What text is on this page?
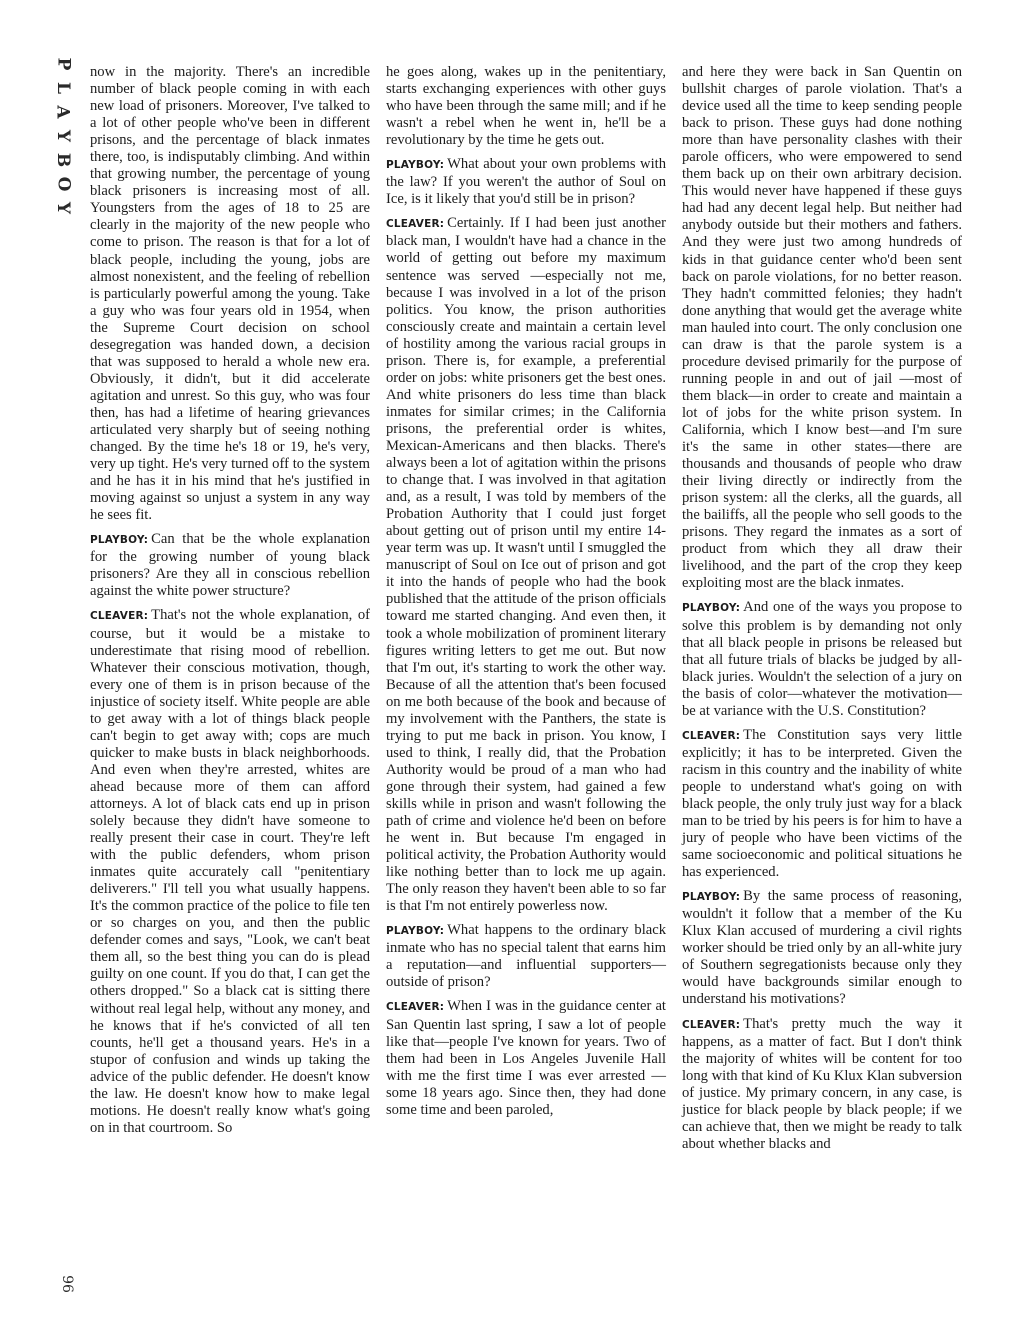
P
L
A
Y
B
O
Y

now in the majority. There's an incredible number of black people coming in with each new load of prisoners. Moreover, I've talked to a lot of other people who've been in different prisons, and the percentage of black inmates there, too, is indisputably climbing. And within that growing number, the percentage of young black prisoners is increasing most of all. Youngsters from the ages of 18 to 25 are clearly in the majority of the new people who come to prison. The reason is that for a lot of black people, including the young, jobs are almost nonexistent, and the feeling of rebellion is particularly powerful among the young. Take a guy who was four years old in 1954, when the Supreme Court decision on school desegregation was handed down, a decision that was supposed to herald a whole new era. Obviously, it didn't, but it did accelerate agitation and unrest. So this guy, who was four then, has had a lifetime of hearing grievances articulated very sharply but of seeing nothing changed. By the time he's 18 or 19, he's very, very up tight. He's very turned off to the system and he has it in his mind that he's justified in moving against so unjust a system in any way he sees fit.

PLAYBOY: Can that be the whole explanation for the growing number of young black prisoners? Are they all in conscious rebellion against the white power structure?

CLEAVER: That's not the whole explanation, of course, but it would be a mistake to underestimate that rising mood of rebellion. Whatever their conscious motivation, though, every one of them is in prison because of the injustice of society itself. White people are able to get away with a lot of things black people can't begin to get away with; cops are much quicker to make busts in black neighborhoods. And even when they're arrested, whites are ahead because more of them can afford attorneys. A lot of black cats end up in prison solely because they didn't have someone to really present their case in court. They're left with the public defenders, whom prison inmates quite accurately call "penitentiary deliverers." I'll tell you what usually happens. It's the common practice of the police to file ten or so charges on you, and then the public defender comes and says, "Look, we can't beat them all, so the best thing you can do is plead guilty on one count. If you do that, I can get the others dropped." So a black cat is sitting there without real legal help, without any money, and he knows that if he's convicted of all ten counts, he'll get a thousand years. He's in a stupor of confusion and winds up taking the advice of the public defender. He doesn't know the law. He doesn't know how to make legal motions. He doesn't really know what's going on in that courtroom. So

he goes along, wakes up in the penitentiary, starts exchanging experiences with other guys who have been through the same mill; and if he wasn't a rebel when he went in, he'll be a revolutionary by the time he gets out.

PLAYBOY: What about your own problems with the law? If you weren't the author of Soul on Ice, is it likely that you'd still be in prison?

CLEAVER: Certainly. If I had been just another black man, I wouldn't have had a chance in the world of getting out before my maximum sentence was served —especially not me, because I was involved in a lot of the prison politics. You know, the prison authorities consciously create and maintain a certain level of hostility among the various racial groups in prison. There is, for example, a preferential order on jobs: white prisoners get the best ones. And white prisoners do less time than black inmates for similar crimes; in the California prisons, the preferential order is whites, Mexican-Americans and then blacks. There's always been a lot of agitation within the prisons to change that. I was involved in that agitation and, as a result, I was told by members of the Probation Authority that I could just forget about getting out of prison until my entire 14-year term was up. It wasn't until I smuggled the manuscript of Soul on Ice out of prison and got it into the hands of people who had the book published that the attitude of the prison officials toward me started changing. And even then, it took a whole mobilization of prominent literary figures writing letters to get me out. But now that I'm out, it's starting to work the other way. Because of all the attention that's been focused on me both because of the book and because of my involvement with the Panthers, the state is trying to put me back in prison. You know, I used to think, I really did, that the Probation Authority would be proud of a man who had gone through their system, had gained a few skills while in prison and wasn't following the path of crime and violence he'd been on before he went in. But because I'm engaged in political activity, the Probation Authority would like nothing better than to lock me up again. The only reason they haven't been able to so far is that I'm not entirely powerless now.

PLAYBOY: What happens to the ordinary black inmate who has no special talent that earns him a reputation—and influential supporters—outside of prison?

CLEAVER: When I was in the guidance center at San Quentin last spring, I saw a lot of people like that—people I've known for years. Two of them had been in Los Angeles Juvenile Hall with me the first time I was ever arrested —some 18 years ago. Since then, they had done some time and been paroled,

and here they were back in San Quentin on bullshit charges of parole violation. That's a device used all the time to keep sending people back to prison. These guys had done nothing more than have personality clashes with their parole officers, who were empowered to send them back up on their own arbitrary decision. This would never have happened if these guys had had any decent legal help. But neither had anybody outside but their mothers and fathers. And they were just two among hundreds of kids in that guidance center who'd been sent back on parole violations, for no better reason. They hadn't committed felonies; they hadn't done anything that would get the average white man hauled into court. The only conclusion one can draw is that the parole system is a procedure devised primarily for the purpose of running people in and out of jail —most of them black—in order to create and maintain a lot of jobs for the white prison system. In California, which I know best—and I'm sure it's the same in other states—there are thousands and thousands of people who draw their living directly or indirectly from the prison system: all the clerks, all the guards, all the bailiffs, all the people who sell goods to the prisons. They regard the inmates as a sort of product from which they all draw their livelihood, and the part of the crop they keep exploiting most are the black inmates.

PLAYBOY: And one of the ways you propose to solve this problem is by demanding not only that all black people in prisons be released but that all future trials of blacks be judged by all-black juries. Wouldn't the selection of a jury on the basis of color—whatever the motivation—be at variance with the U.S. Constitution?

CLEAVER: The Constitution says very little explicitly; it has to be interpreted. Given the racism in this country and the inability of white people to understand what's going on with black people, the only truly just way for a black man to be tried by his peers is for him to have a jury of people who have been victims of the same socioeconomic and political situations he has experienced.

PLAYBOY: By the same process of reasoning, wouldn't it follow that a member of the Ku Klux Klan accused of murdering a civil rights worker should be tried only by an all-white jury of Southern segregationists because only they would have backgrounds similar enough to understand his motivations?

CLEAVER: That's pretty much the way it happens, as a matter of fact. But I don't think the majority of whites will be content for too long with that kind of Ku Klux Klan subversion of justice. My primary concern, in any case, is justice for black people by black people; if we can achieve that, then we might be ready to talk about whether blacks and

96
